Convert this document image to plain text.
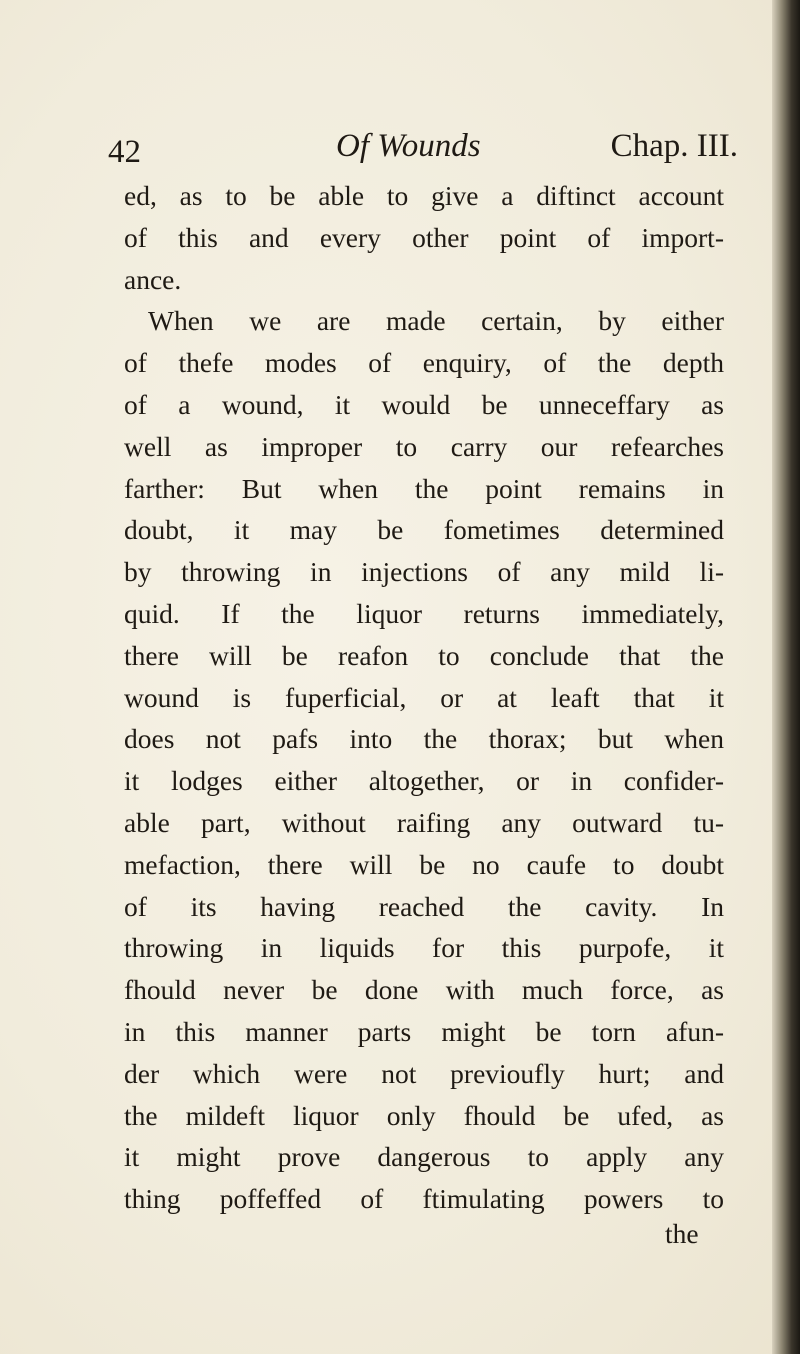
42	Of Wounds	Chap. III.
ed, as to be able to give a diftinct account
of this and every other point of import-
ance.
When we are made certain, by either
of thefe modes of enquiry, of the depth
of a wound, it would be unneceffary as
well as improper to carry our refearches
farther: But when the point remains in
doubt, it may be fometimes determined
by throwing in injections of any mild li-
quid. If the liquor returns immediately,
there will be reafon to conclude that the
wound is fuperficial, or at leaft that it
does not pafs into the thorax; but when
it lodges either altogether, or in confider-
able part, without raifing any outward tu-
mefaction, there will be no caufe to doubt
of its having reached the cavity. In
throwing in liquids for this purpofe, it
fhould never be done with much force, as
in this manner parts might be torn afun-
der which were not previoufly hurt; and
the mildeft liquor only fhould be ufed, as
it might prove dangerous to apply any
thing poffeffed of ftimulating powers to
the
